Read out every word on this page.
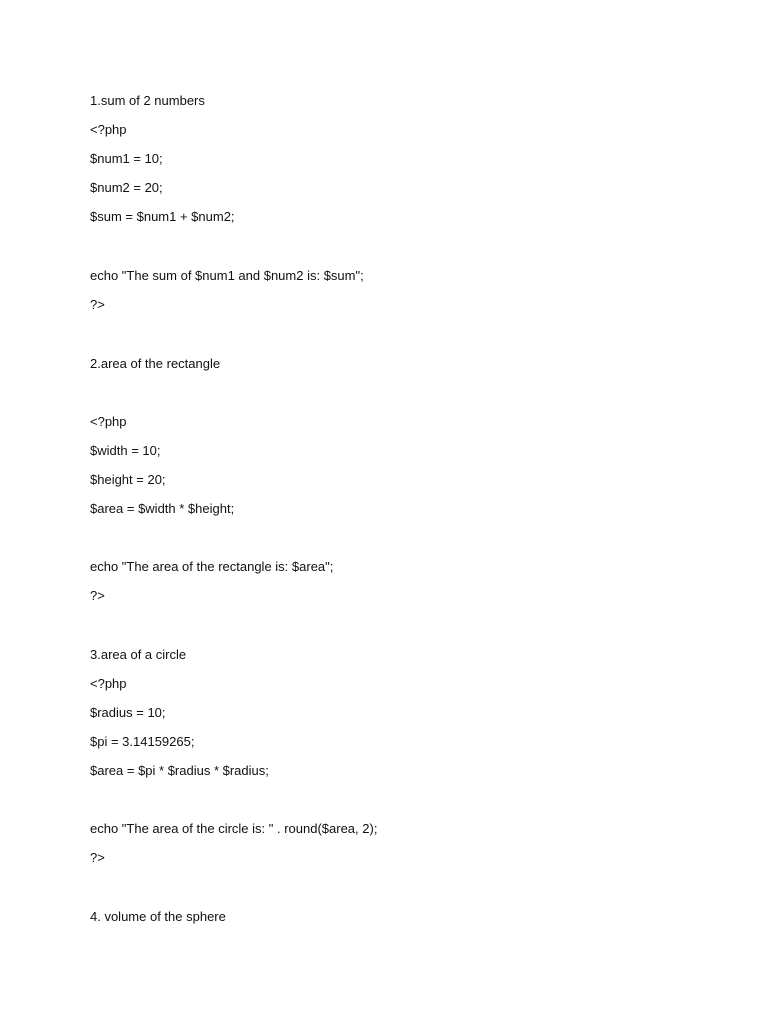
1.sum of 2 numbers

<?php

$num1 = 10;

$num2 = 20;

$sum = $num1 + $num2;

echo "The sum of $num1 and $num2 is: $sum";

?>

2.area of the rectangle

<?php

$width = 10;

$height = 20;

$area = $width * $height;

echo "The area of the rectangle is: $area";

?>

3.area of a circle

<?php

$radius = 10;

$pi = 3.14159265;

$area = $pi * $radius * $radius;

echo "The area of the circle is: " . round($area, 2);

?>

4. volume of the sphere
